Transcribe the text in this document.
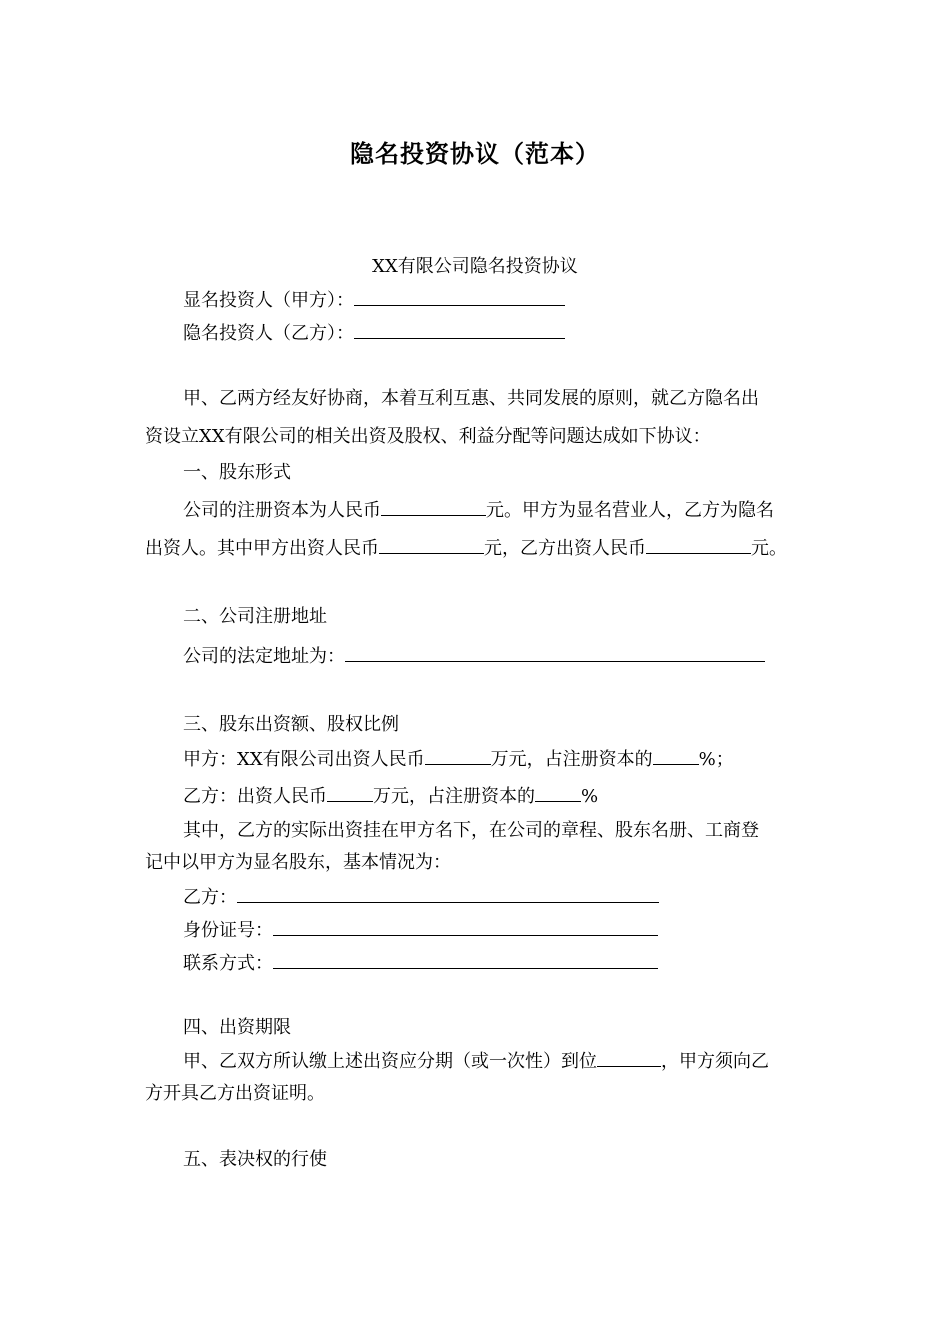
隐名投资协议（范本）
XX有限公司隐名投资协议
显名投资人（甲方）：
隐名投资人（乙方）：
甲、乙两方经友好协商，本着互利互惠、共同发展的原则，就乙方隐名出
资设立XX有限公司的相关出资及股权、利益分配等问题达成如下协议：
一、股东形式
公司的注册资本为人民币	元。甲方为显名营业人，乙方为隐名
出资人。其中甲方出资人民币	元，乙方出资人民币	元。
二、公司注册地址
公司的法定地址为：
三、股东出资额、股权比例
甲方：XX有限公司出资人民币	万元，占注册资本的	%；
乙方：出资人民币	万元，占注册资本的	%
其中，乙方的实际出资挂在甲方名下，在公司的章程、股东名册、工商登
记中以甲方为显名股东，基本情况为：
乙方：
身份证号：
联系方式：
四、出资期限
甲、乙双方所认缴上述出资应分期（或一次性）到位	，甲方须向乙
方开具乙方出资证明。
五、表决权的行使
